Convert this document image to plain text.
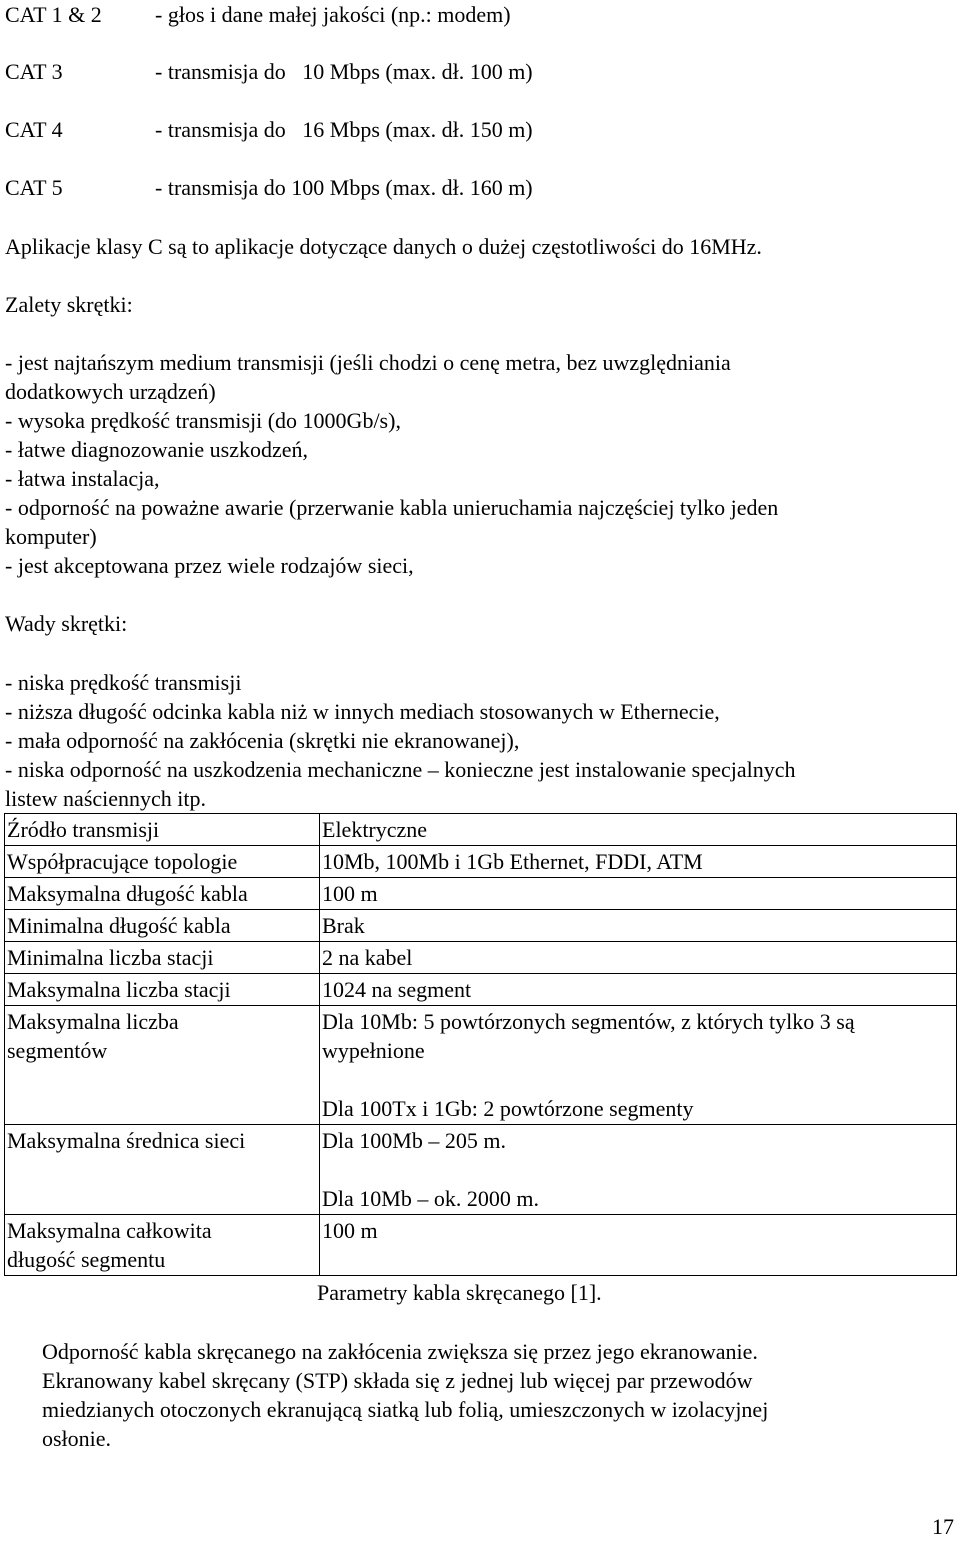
CAT 1 & 2 - głos i dane małej jakości (np.: modem)
CAT 3	- transmisja do   10 Mbps (max. dł. 100 m)
CAT 4	- transmisja do   16 Mbps (max. dł. 150 m)
CAT 5	- transmisja do 100 Mbps (max. dł. 160 m)
Aplikacje klasy C są to aplikacje dotyczące danych o dużej częstotliwości do 16MHz.
Zalety skrętki:
- jest najtańszym medium transmisji (jeśli chodzi o cenę metra, bez uwzględniania
dodatkowych urządzeń)
- wysoka prędkość transmisji (do 1000Gb/s),
- łatwe diagnozowanie uszkodzeń,
- łatwa instalacja,
- odporność na poważne awarie (przerwanie kabla unieruchamia najczęściej tylko jeden
komputer)
- jest akceptowana przez wiele rodzajów sieci,
Wady skrętki:
- niska prędkość transmisji
- niższa długość odcinka kabla niż w innych mediach stosowanych w Ethernecie,
- mała odporność na zakłócenia (skrętki nie ekranowanej),
- niska odporność na uszkodzenia mechaniczne – konieczne jest instalowanie specjalnych
listew naściennych itp.
Źródło transmisji	Elektryczne
Współpracujące topologie	10Mb, 100Mb i 1Gb Ethernet, FDDI, ATM
Maksymalna długość kabla	100 m
Minimalna długość kabla	Brak
Minimalna liczba stacji	2 na kabel
Maksymalna liczba stacji	1024 na segment

Maksymalna liczba segmentów	Dla 10Mb: 5 powtórzonych segmentów, z których tylko 3 są wypełnione
Dla 100Tx i 1Gb: 2 powtórzone segmenty

Maksymalna średnica sieci	Dla 100Mb – 205 m.
Dla 10Mb – ok. 2000 m.

Maksymalna całkowita długość segmentu	100 m
Parametry kabla skręcanego [1].
Odporność kabla skręcanego na zakłócenia zwiększa się przez jego ekranowanie.
Ekranowany kabel skręcany (STP) składa się z jednej lub więcej par przewodów
miedzianych otoczonych ekranującą siatką lub folią, umieszczonych w izolacyjnej
osłonie.
17
